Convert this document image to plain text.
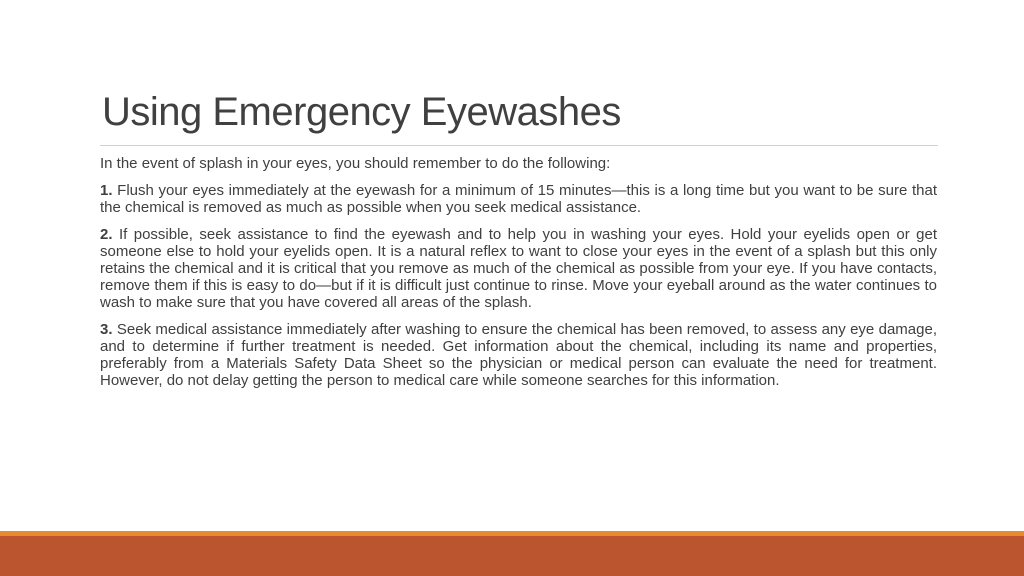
Using Emergency Eyewashes

In the event of splash in your eyes, you should remember to do the following:

1. Flush your eyes immediately at the eyewash for a minimum of 15 minutes—this is a long time but you want to be sure that the chemical is removed as much as possible when you seek medical assistance.

2. If possible, seek assistance to find the eyewash and to help you in washing your eyes. Hold your eyelids open or get someone else to hold your eyelids open. It is a natural reflex to want to close your eyes in the event of a splash but this only retains the chemical and it is critical that you remove as much of the chemical as possible from your eye. If you have contacts, remove them if this is easy to do—but if it is difficult just continue to rinse. Move your eyeball around as the water continues to wash to make sure that you have covered all areas of the splash.

3. Seek medical assistance immediately after washing to ensure the chemical has been removed, to assess any eye damage, and to determine if further treatment is needed. Get information about the chemical, including its name and properties, preferably from a Materials Safety Data Sheet so the physician or medical person can evaluate the need for treatment. However, do not delay getting the person to medical care while someone searches for this information.
